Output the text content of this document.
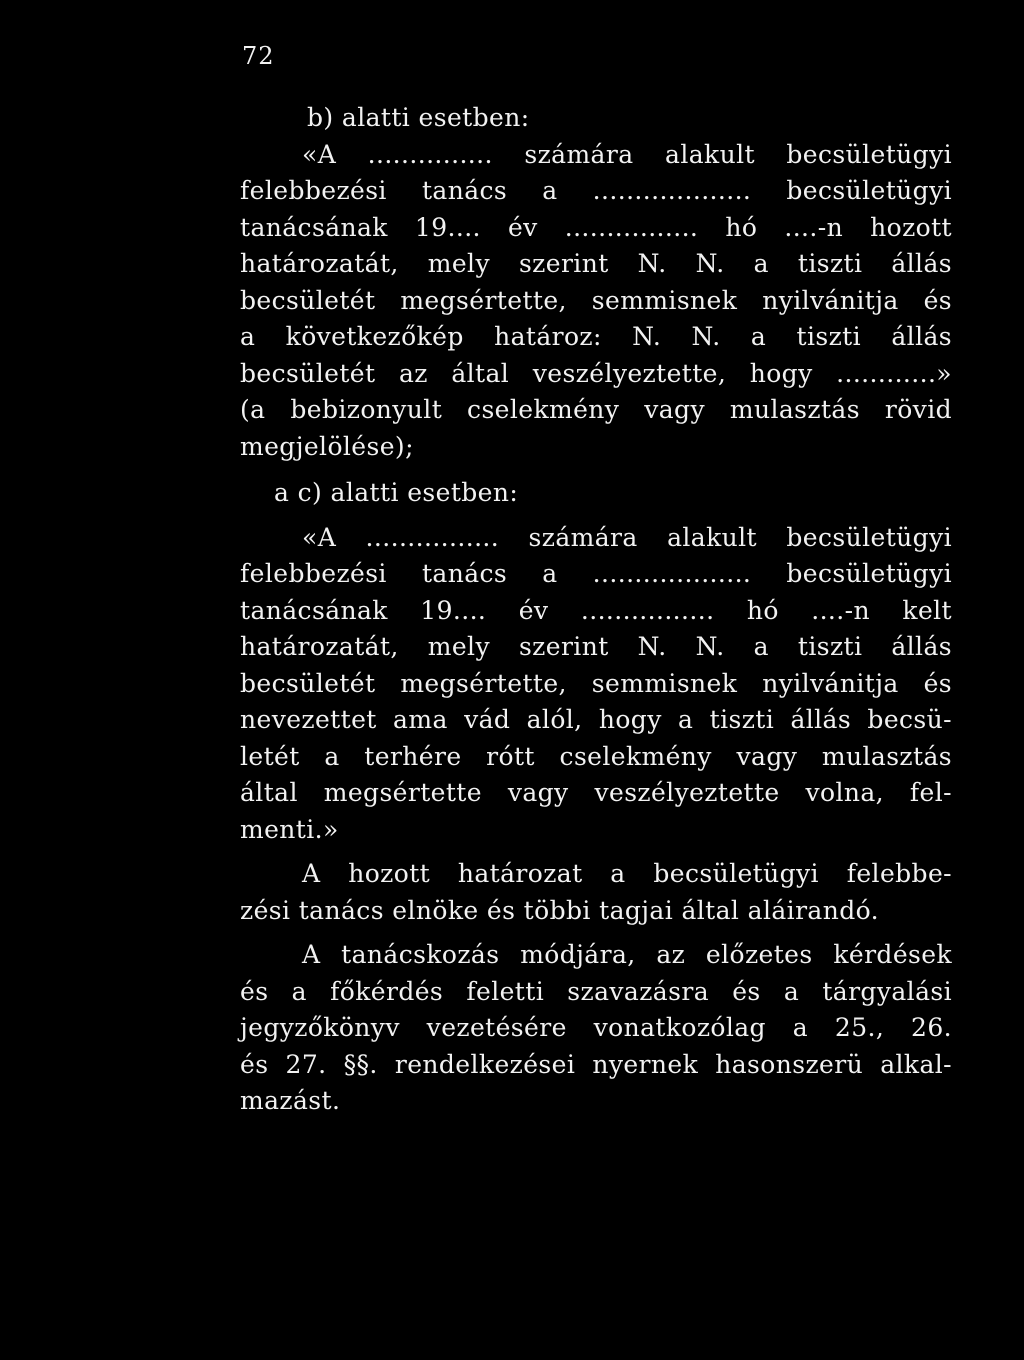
72
b) alatti esetben:
«A ............... számára alakult becsületügyi
felebbezési tanács a ................... becsületügyi
tanácsának 19.... év ................ hó ....-n hozott
határozatát, mely szerint N. N. a tiszti állás
becsületét megsértette, semmisnek nyilvánitja és
a következőkép határoz: N. N. a tiszti állás
becsületét az által veszélyeztette, hogy ............»
(a bebizonyult cselekmény vagy mulasztás rövid
megjelölése);
a c) alatti esetben:
«A ................ számára alakult becsületügyi
felebbezési tanács a ................... becsületügyi
tanácsának 19.... év ................ hó ....-n kelt
határozatát, mely szerint N. N. a tiszti állás
becsületét megsértette, semmisnek nyilvánitja és
nevezettet ama vád alól, hogy a tiszti állás becsü-
letét a terhére rótt cselekmény vagy mulasztás
által megsértette vagy veszélyeztette volna, fel-
menti.»
A hozott határozat a becsületügyi felebbe-
zési tanács elnöke és többi tagjai által aláirandó.
A tanácskozás módjára, az előzetes kérdések
és a főkérdés feletti szavazásra és a tárgyalási
jegyzőkönyv vezetésére vonatkozólag a 25., 26.
és 27. §§. rendelkezései nyernek hasonszerü alkal-
mazást.
